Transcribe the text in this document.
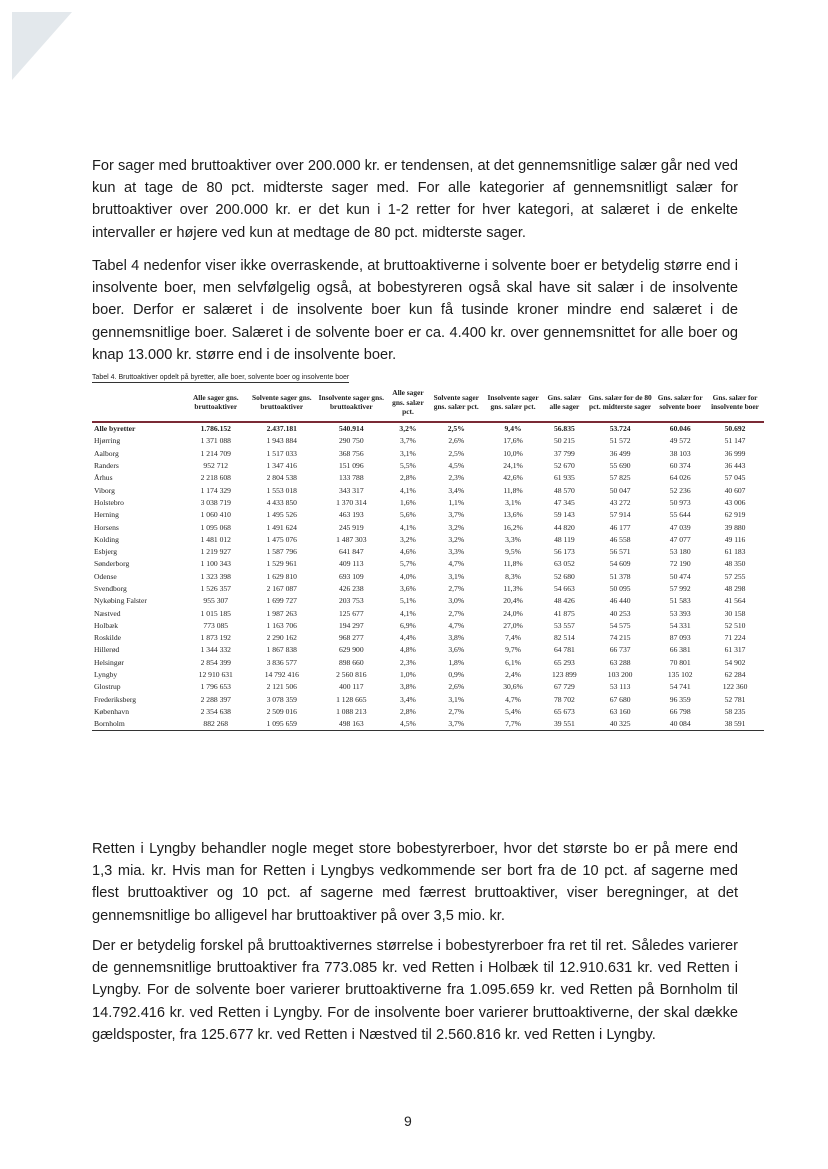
For sager med bruttoaktiver over 200.000 kr. er tendensen, at det gennemsnitlige salær går ned ved kun at tage de 80 pct. midterste sager med. For alle kategorier af gennemsnitligt salær for bruttoaktiver over 200.000 kr. er det kun i 1-2 retter for hver kategori, at salæret i de enkelte intervaller er højere ved kun at medtage de 80 pct. midterste sager.

Tabel 4 nedenfor viser ikke overraskende, at bruttoaktiverne i solvente boer er betydelig større end i insolvente boer, men selvfølgelig også, at bobestyreren også skal have sit salær i de insolvente boer. Derfor er salæret i de insolvente boer kun få tusinde kroner mindre end salæret i de gennemsnitlige boer. Salæret i de solvente boer er ca. 4.400 kr. over gennemsnittet for alle boer og knap 13.000 kr. større end i de insolvente boer.

Tabel 4. Bruttoaktiver opdelt på byretter, alle boer, solvente boer og insolvente boer
	Alle sager gns. bruttoaktiver	Solvente sager gns. bruttoaktiver	Insolvente sager gns. bruttoaktiver	Alle sager gns. salær pct.	Solvente sager gns. salær pct.	Insolvente sager gns. salær pct.	Gns. salær alle sager	Gns. salær for de 80 pct. midterste sager	Gns. salær for solvente boer	Gns. salær for insolvente boer
Alle byretter	1.786.152	2.437.181	540.914	3,2%	2,5%	9,4%	56.835	53.724	60.046	50.692
Hjørring	1 371 088	1 943 884	290 750	3,7%	2,6%	17,6%	50 215	51 572	49 572	51 147
Aalborg	1 214 709	1 517 033	368 756	3,1%	2,5%	10,0%	37 799	36 499	38 103	36 999
Randers	952 712	1 347 416	151 096	5,5%	4,5%	24,1%	52 670	55 690	60 374	36 443
Århus	2 218 608	2 804 538	133 788	2,8%	2,3%	42,6%	61 935	57 825	64 026	57 045
Viborg	1 174 329	1 553 018	343 317	4,1%	3,4%	11,8%	48 570	50 047	52 236	40 607
Holstebro	3 038 719	4 433 850	1 370 314	1,6%	1,1%	3,1%	47 345	43 272	50 973	43 006
Herning	1 060 410	1 495 526	463 193	5,6%	3,7%	13,6%	59 143	57 914	55 644	62 919
Horsens	1 095 068	1 491 624	245 919	4,1%	3,2%	16,2%	44 820	46 177	47 039	39 880
Kolding	1 481 012	1 475 076	1 487 303	3,2%	3,2%	3,3%	48 119	46 558	47 077	49 116
Esbjerg	1 219 927	1 587 796	641 847	4,6%	3,3%	9,5%	56 173	56 571	53 180	61 183
Sønderborg	1 100 343	1 529 961	409 113	5,7%	4,7%	11,8%	63 052	54 609	72 190	48 350
Odense	1 323 398	1 629 810	693 109	4,0%	3,1%	8,3%	52 680	51 378	50 474	57 255
Svendborg	1 526 357	2 167 087	426 238	3,6%	2,7%	11,3%	54 663	50 095	57 992	48 298
Nykøbing Falster	955 307	1 699 727	203 753	5,1%	3,0%	20,4%	48 426	46 440	51 583	41 564
Næstved	1 015 185	1 987 263	125 677	4,1%	2,7%	24,0%	41 875	40 253	53 393	30 158
Holbæk	773 085	1 163 706	194 297	6,9%	4,7%	27,0%	53 557	54 575	54 331	52 510
Roskilde	1 873 192	2 290 162	968 277	4,4%	3,8%	7,4%	82 514	74 215	87 093	71 224
Hillerød	1 344 332	1 867 838	629 900	4,8%	3,6%	9,7%	64 781	66 737	66 381	61 317
Helsingør	2 854 399	3 836 577	898 660	2,3%	1,8%	6,1%	65 293	63 288	70 801	54 902
Lyngby	12 910 631	14 792 416	2 560 816	1,0%	0,9%	2,4%	123 899	103 200	135 102	62 284
Glostrup	1 796 653	2 121 506	400 117	3,8%	2,6%	30,6%	67 729	53 113	54 741	122 360
Frederiksberg	2 288 397	3 078 359	1 128 665	3,4%	3,1%	4,7%	78 702	67 680	96 359	52 781
København	2 354 638	2 509 016	1 088 213	2,8%	2,7%	5,4%	65 673	63 160	66 798	58 235
Bornholm	882 268	1 095 659	498 163	4,5%	3,7%	7,7%	39 551	40 325	40 084	38 591

Retten i Lyngby behandler nogle meget store bobestyrerboer, hvor det største bo er på mere end 1,3 mia. kr. Hvis man for Retten i Lyngbys vedkommende ser bort fra de 10 pct. af sagerne med flest bruttoaktiver og 10 pct. af sagerne med færrest bruttoaktiver, viser beregninger, at det gennemsnitlige bo alligevel har bruttoaktiver på over 3,5 mio. kr.

Der er betydelig forskel på bruttoaktivernes størrelse i bobestyrerboer fra ret til ret. Således varierer de gennemsnitlige bruttoaktiver fra 773.085 kr. ved Retten i Holbæk til 12.910.631 kr. ved Retten i Lyngby. For de solvente boer varierer bruttoaktiverne fra 1.095.659 kr. ved Retten på Bornholm til 14.792.416 kr. ved Retten i Lyngby. For de insolvente boer varierer bruttoaktiverne, der skal dække gældsposter, fra 125.677 kr. ved Retten i Næstved til 2.560.816 kr. ved Retten i Lyngby.

9
